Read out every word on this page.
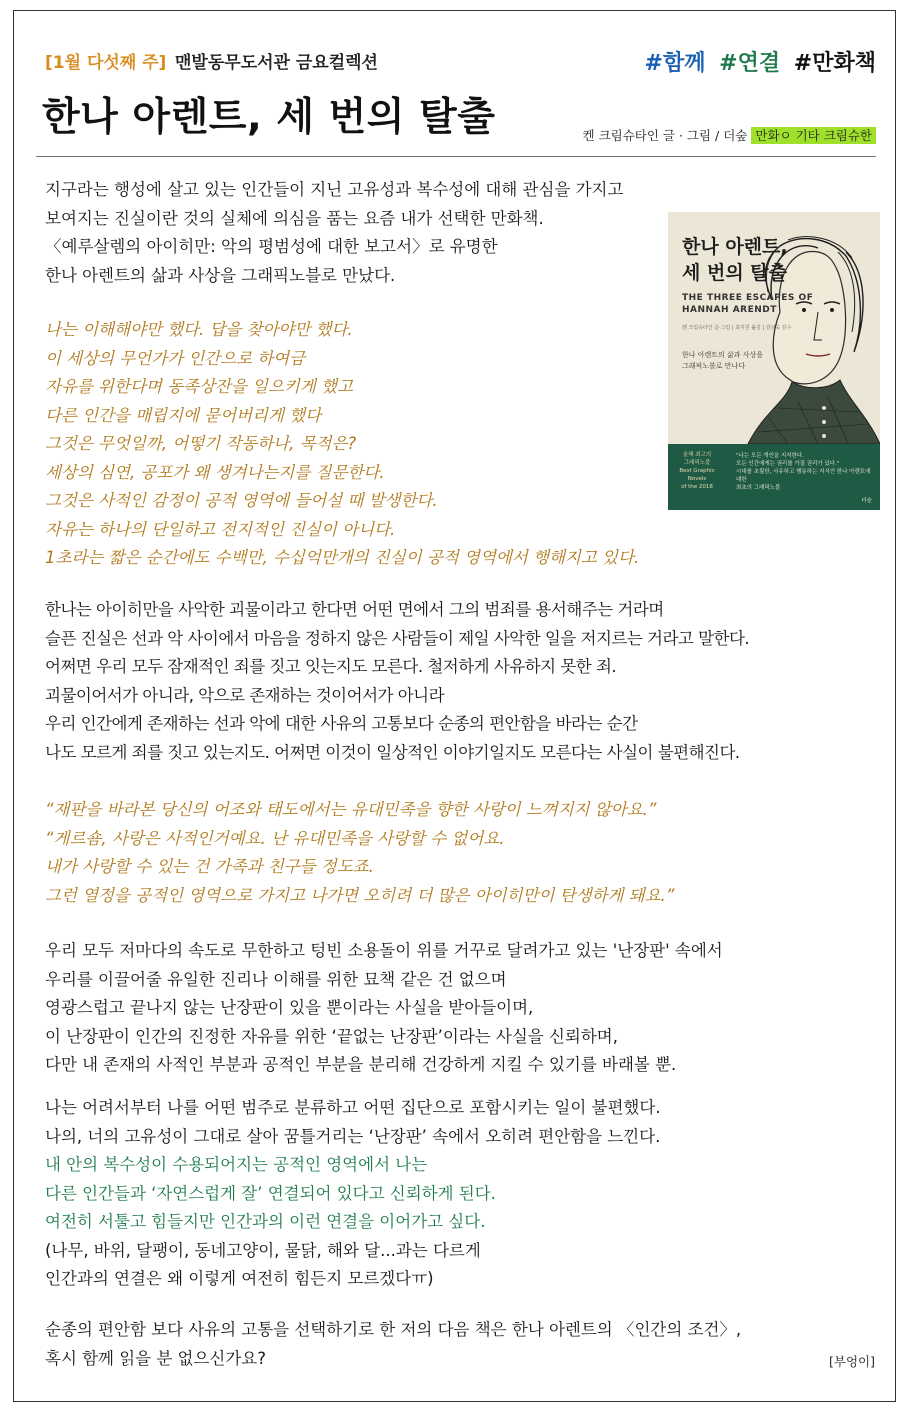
[1월 다섯째 주] 맨발동무도서관 금요컬렉션	#함께 #연결 #만화책
한나 아렌트, 세 번의 탈출	켄 크림슈타인 글 · 그림 / 더숲 만화ㅇ 기타 크림슈한
한나 아렌트,
세 번의 탈출
THE THREE ESCAPES OF
HANNAH ARENDT
켄 크림슈타인 글·그림 | 최지원 옮김 | 김선욱 감수
한나 아렌트의 삶과 사상을
그래픽노블로 만나다
올해 최고의
그래픽노블
Best Graphic Novels
of the 2018
"나는 모든 개인을 지지한다.
모든 인간에게는 권리를 가질 권리가 있다."
시대를 초월한, 사유하고 행동하는 지식인 한나 아렌트에 대한
최초의 그래픽노블
더숲
지구라는 행성에 살고 있는 인간들이 지닌 고유성과 복수성에 대해 관심을 가지고
보여지는 진실이란 것의 실체에 의심을 품는 요즘 내가 선택한 만화책.
〈예루살렘의 아이히만: 악의 평범성에 대한 보고서〉로 유명한
한나 아렌트의 삶과 사상을 그래픽노블로 만났다.
나는 이해해야만 했다. 답을 찾아야만 했다.
이 세상의 무언가가 인간으로 하여금
자유를 위한다며 동족상잔을 일으키게 했고
다른 인간을 매립지에 묻어버리게 했다
그것은 무엇일까, 어떻기 작동하나, 목적은?
세상의 심연, 공포가 왜 생겨나는지를 질문한다.
그것은 사적인 감정이 공적 영역에 들어설 때 발생한다.
자유는 하나의 단일하고 전지적인 진실이 아니다.
1초라는 짧은 순간에도 수백만, 수십억만개의 진실이 공적 영역에서 행해지고 있다.
한나는 아이히만을 사악한 괴물이라고 한다면 어떤 면에서 그의 범죄를 용서해주는 거라며
슬픈 진실은 선과 악 사이에서 마음을 정하지 않은 사람들이 제일 사악한 일을 저지르는 거라고 말한다.
어쩌면 우리 모두 잠재적인 죄를 짓고 잇는지도 모른다. 철저하게 사유하지 못한 죄.
괴물이어서가 아니라, 악으로 존재하는 것이어서가 아니라
우리 인간에게 존재하는 선과 악에 대한 사유의 고통보다 순종의 편안함을 바라는 순간
나도 모르게 죄를 짓고 있는지도. 어쩌면 이것이 일상적인 이야기일지도 모른다는 사실이 불편해진다.
“재판을 바라본 당신의 어조와 태도에서는 유대민족을 향한 사랑이 느껴지지 않아요.”
“게르숌, 사랑은 사적인거예요. 난 유대민족을 사랑할 수 없어요.
내가 사랑할 수 있는 건 가족과 친구들 정도죠.
그런 열정을 공적인 영역으로 가지고 나가면 오히려 더 많은 아이히만이 탄생하게 돼요.”
우리 모두 저마다의 속도로 무한하고 텅빈 소용돌이 위를 거꾸로 달려가고 있는 '난장판' 속에서
우리를 이끌어줄 유일한 진리나 이해를 위한 묘책 같은 건 없으며
영광스럽고 끝나지 않는 난장판이 있을 뿐이라는 사실을 받아들이며,
이 난장판이 인간의 진정한 자유를 위한 ‘끝없는 난장판’이라는 사실을 신뢰하며,
다만 내 존재의 사적인 부분과 공적인 부분을 분리해 건강하게 지킬 수 있기를 바래볼 뿐.
나는 어려서부터 나를 어떤 범주로 분류하고 어떤 집단으로 포함시키는 일이 불편했다.
나의, 너의 고유성이 그대로 살아 꿈틀거리는 ‘난장판’ 속에서 오히려 편안함을 느낀다.
내 안의 복수성이 수용되어지는 공적인 영역에서 나는
다른 인간들과 ‘자연스럽게 잘’ 연결되어 있다고 신뢰하게 된다.
여전히 서툴고 힘들지만 인간과의 이런 연결을 이어가고 싶다.
(나무, 바위, 달팽이, 동네고양이, 물닭, 해와 달...과는 다르게
인간과의 연결은 왜 이렇게 여전히 힘든지 모르겠다ㅠ)
순종의 편안함 보다 사유의 고통을 선택하기로 한 저의 다음 책은 한나 아렌트의 〈인간의 조건〉,
혹시 함께 읽을 분 없으신가요?	[부엉이]
